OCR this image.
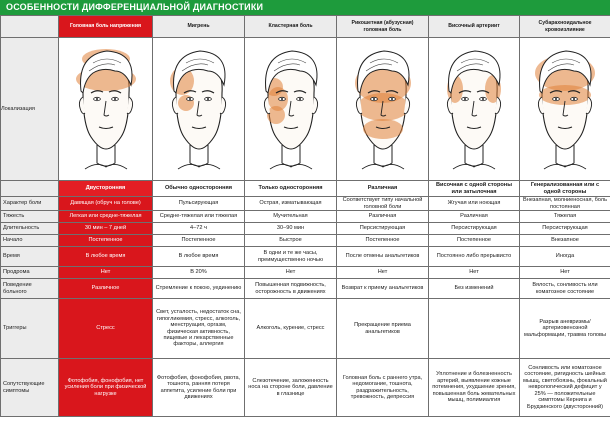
ОСОБЕННОСТИ ДИФФЕРЕНЦИАЛЬНОЙ ДИАГНОСТИКИ
	Головная боль напряжения	Мигрень	Кластерная боль	Рикошетная (абузусная) головная боль	Височный артериит	Субарахноидальное кровоизлияние
Локализация	

	Двусторонняя	Обычно односторонняя	Только односторонняя	Различная	Височная с одной стороны или затылочная	Генерализованная или с одной стороны
Характер боли	Давящая (обруч на голове)	Пульсирующая	Острая, изматывающая	Соответствует типу начальной головной боли	Жгучая или ноющая	Внезапная, молниеносная, боль постоянная
Тяжесть	Легкая или средне-тяжелая	Средне-тяжелая или тяжелая	Мучительная	Различная	Различная	Тяжелая
Длительность	30 мин – 7 дней	4–72 ч	30–90 мин	Персистирующая	Персистирующая	Персистирующая
Начало	Постепенное	Постепенное	Быстрое	Постепенное	Постепенное	Внезапное
Время	В любое время	В любое время	В одни и те же часы, преимущественно ночью	После отмены анальгетиков	Постоянно либо прерывисто	Иногда
Продрома	Нет	В 20%	Нет	Нет	Нет	Нет
Поведение больного	Различное	Стремление к покою, уединению	Повышенная подвижность, осторожность в движениях	Возврат к приему анальгетиков	Без изменений	Вялость, сонливость или коматозное состояние
Триггеры	Стресс	Свет, усталость, недостаток сна, гипогликемия, стресс, алкоголь, менструация, оргазм, физическая активность, пищевые и лекарственные факторы, аллергия	Алкоголь, курение, стресс	Прекращение приема анальгетиков		Разрыв аневризмы/ артериовенозной мальформации, травма головы
Сопутствующие симптомы	Фотофобия, фонофобия, нет усиления боли при физической нагрузке	Фотофобия, фонофобия, рвота, тошнота, ранняя потеря аппетита, усиление боли при движениях	Слезотечение, заложенность носа на стороне боли, давление в глазнице	Головная боль с раннего утра, недомогание, тошнота, раздражительность, тревожность, депрессия	Уплотнение и болезненность артерий, выявление кожные потемнения, ухудшение зрения, повышенная боль жевательных мышц, полимиалгия	Сонливость или коматозное состояние, ригидность шейных мышц, светобоязнь, фокальный неврологический дефицит у 25% — положительные симптомы Кернига и Брудзинского (двусторонний)
